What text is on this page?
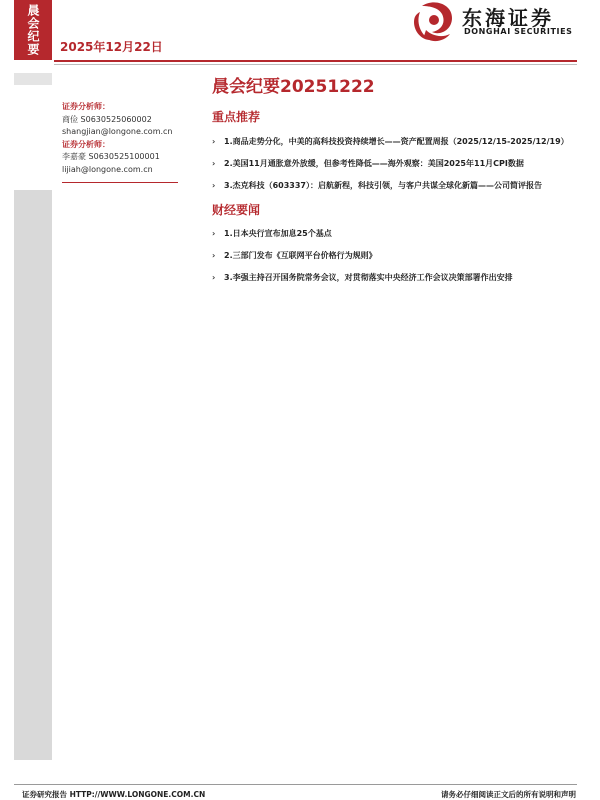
晨会纪要	2025年12月22日
东海证券
DONGHAI SECURITIES
证券分析师：
商俭 S0630525060002
shangjian@longone.com.cn
证券分析师：
李嘉豪 S0630525100001
lijiah@longone.com.cn
晨会纪要20251222
重点推荐
› 1.商品走势分化，中美的高科技投资持续增长——资产配置周报（2025/12/15-2025/12/19）
› 2.美国11月通胀意外放缓，但参考性降低——海外观察：美国2025年11月CPI数据
› 3.杰克科技（603337）：启航新程，科技引领，与客户共谋全球化新篇——公司简评报告
财经要闻
› 1.日本央行宣布加息25个基点
› 2.三部门发布《互联网平台价格行为规则》
› 3.李强主持召开国务院常务会议，对贯彻落实中央经济工作会议决策部署作出安排
证券研究报告 HTTP://WWW.LONGONE.COM.CN	请务必仔细阅读正文后的所有说明和声明
